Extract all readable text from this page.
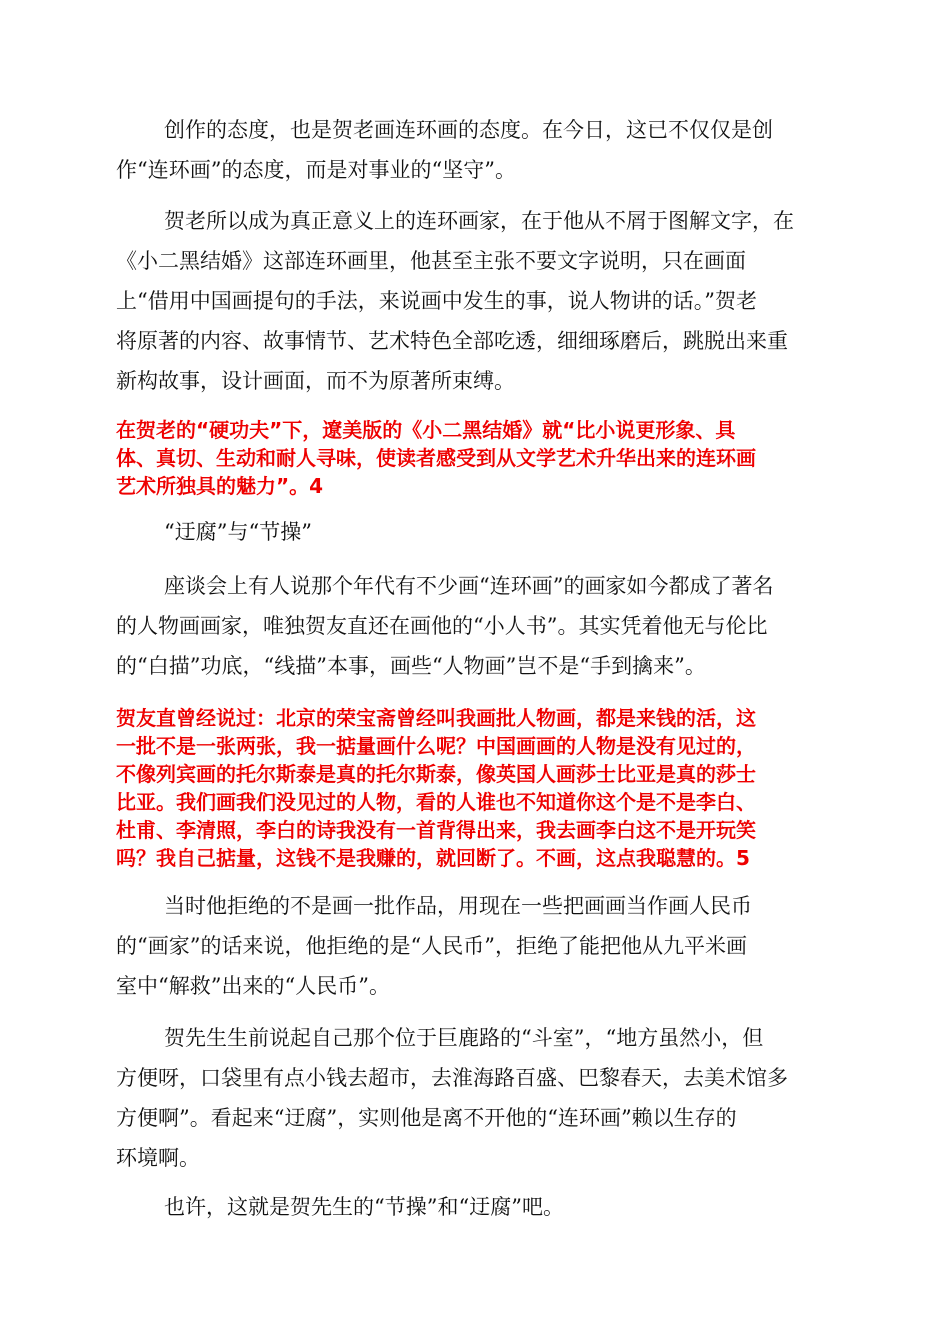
创作的态度，也是贺老画连环画的态度。在今日，这已不仅仅是创
作“连环画”的态度，而是对事业的“坚守”。
贺老所以成为真正意义上的连环画家，在于他从不屑于图解文字，在
《小二黑结婚》这部连环画里，他甚至主张不要文字说明，只在画面
上“借用中国画提句的手法，来说画中发生的事，说人物讲的话。”贺老
将原著的内容、故事情节、艺术特色全部吃透，细细琢磨后，跳脱出来重
新构故事，设计画面，而不为原著所束缚。
在贺老的“硬功夫”下，遼美版的《小二黑结婚》就“比小说更形象、具
体、真切、生动和耐人寻味，使读者感受到从文学艺术升华出来的连环画
艺术所独具的魅力”。4
“迂腐”与“节操”
座谈会上有人说那个年代有不少画“连环画”的画家如今都成了著名
的人物画画家，唯独贺友直还在画他的“小人书”。其实凭着他无与伦比
的“白描”功底，“线描”本事，画些“人物画”岂不是“手到擒来”。
贺友直曾经说过：北京的荣宝斋曾经叫我画批人物画，都是来钱的活，这
一批不是一张两张，我一掂量画什么呢？中国画画的人物是没有见过的，
不像列宾画的托尔斯泰是真的托尔斯泰，像英国人画莎士比亚是真的莎士
比亚。我们画我们没见过的人物，看的人谁也不知道你这个是不是李白、
杜甫、李清照，李白的诗我没有一首背得出来，我去画李白这不是开玩笑
吗？我自己掂量，这钱不是我赚的，就回断了。不画，这点我聪慧的。5
当时他拒绝的不是画一批作品，用现在一些把画画当作画人民币
的“画家”的话来说，他拒绝的是“人民币”，拒绝了能把他从九平米画
室中“解救”出来的“人民币”。
贺先生生前说起自己那个位于巨鹿路的“斗室”，“地方虽然小，但
方便呀，口袋里有点小钱去超市，去淮海路百盛、巴黎春天，去美术馆多
方便啊”。看起来“迂腐”，实则他是离不开他的“连环画”赖以生存的
环境啊。
也许，这就是贺先生的“节操”和“迂腐”吧。
